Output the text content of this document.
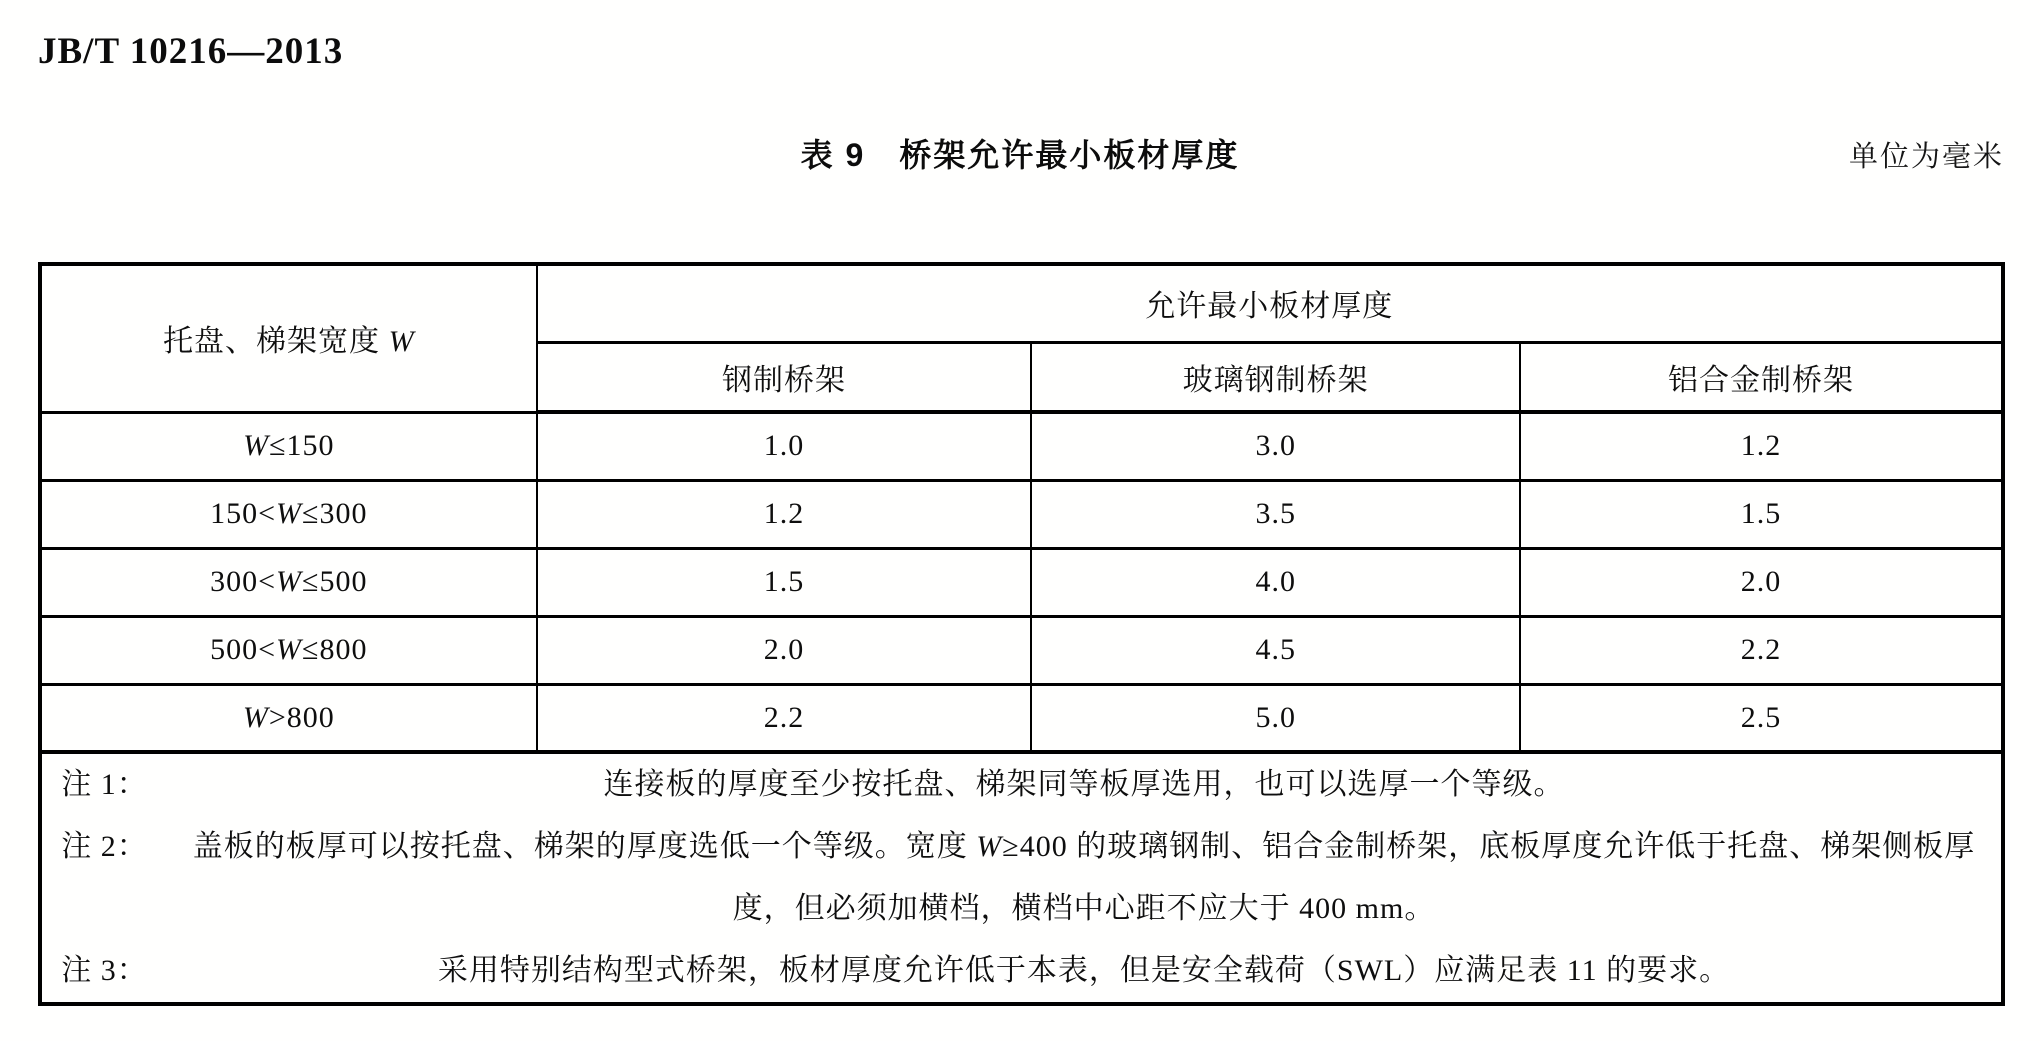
JB/T 10216—2013
表 9　桥架允许最小板材厚度	单位为毫米
托盘、梯架宽度 W	允许最小板材厚度		
	钢制桥架	玻璃钢制桥架	铝合金制桥架
W≤150	1.0	3.0	1.2
150<W≤300	1.2	3.5	1.5
300<W≤500	1.5	4.0	2.0
500<W≤800	2.0	4.5	2.2
W>800	2.2	5.0	2.5

注 1：	连接板的厚度至少按托盘、梯架同等板厚选用，也可以选厚一个等级。
注 2：	盖板的板厚可以按托盘、梯架的厚度选低一个等级。宽度 W≥400 的玻璃钢制、铝合金制桥架，底板厚度允许低于托盘、梯架侧板厚度，但必须加横档，横档中心距不应大于 400 mm。
注 3：	采用特别结构型式桥架，板材厚度允许低于本表，但是安全载荷（SWL）应满足表 11 的要求。
